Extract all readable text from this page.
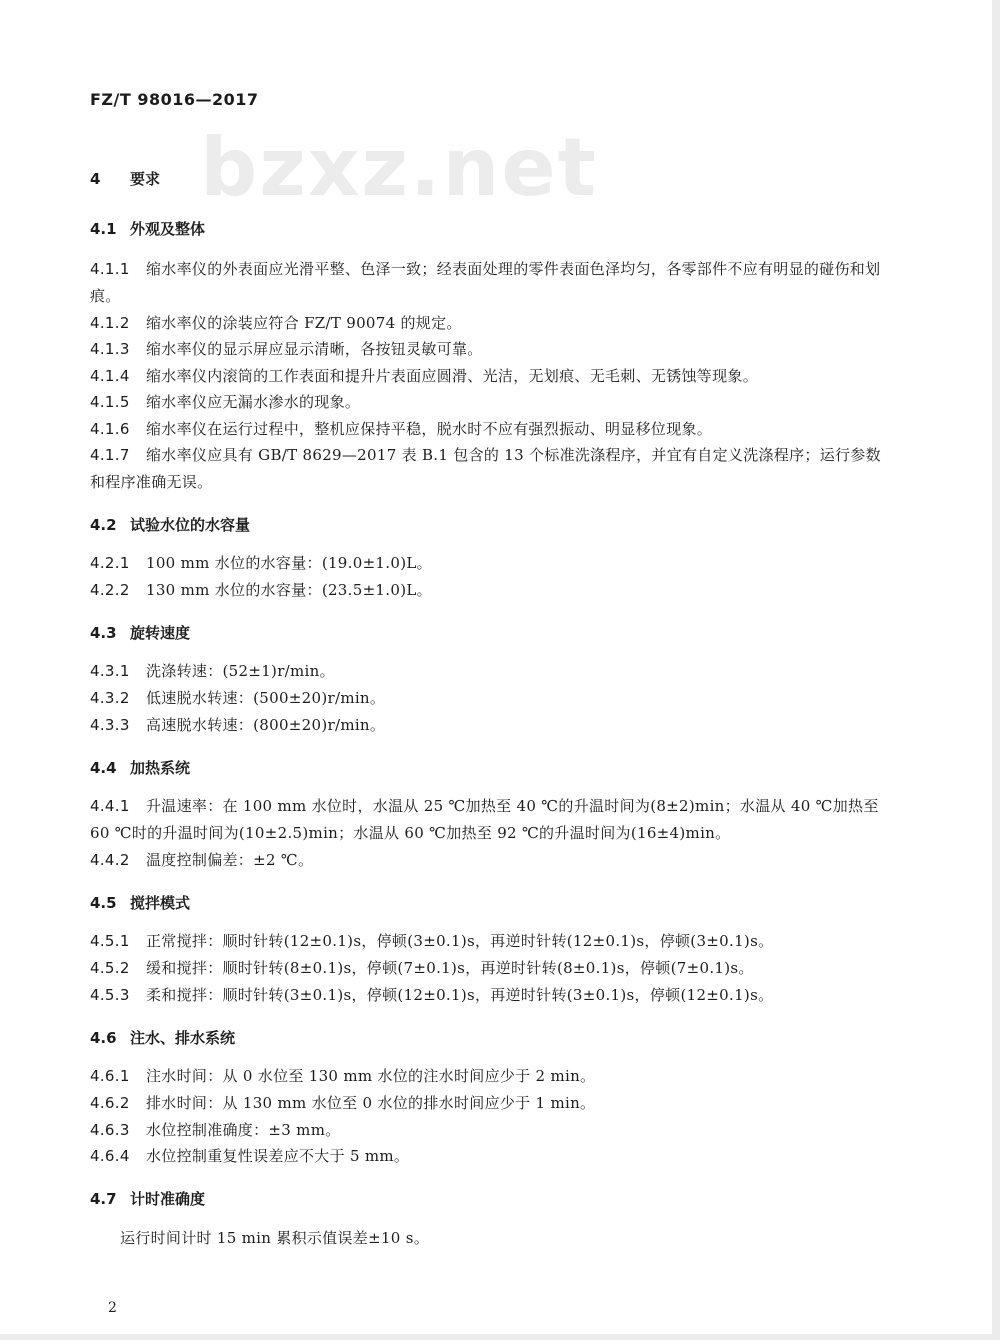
FZ/T 98016—2017
bzxz.net
4 要求
4.1 外观及整体
4.1.1 缩水率仪的外表面应光滑平整、色泽一致；经表面处理的零件表面色泽均匀，各零部件不应有明显的碰伤和划痕。
4.1.2 缩水率仪的涂装应符合 FZ/T 90074 的规定。
4.1.3 缩水率仪的显示屏应显示清晰，各按钮灵敏可靠。
4.1.4 缩水率仪内滚筒的工作表面和提升片表面应圆滑、光洁，无划痕、无毛刺、无锈蚀等现象。
4.1.5 缩水率仪应无漏水渗水的现象。
4.1.6 缩水率仪在运行过程中，整机应保持平稳，脱水时不应有强烈振动、明显移位现象。
4.1.7 缩水率仪应具有 GB/T 8629—2017 表 B.1 包含的 13 个标准洗涤程序，并宜有自定义洗涤程序；运行参数和程序准确无误。
4.2 试验水位的水容量
4.2.1 100 mm 水位的水容量：(19.0±1.0)L。
4.2.2 130 mm 水位的水容量：(23.5±1.0)L。
4.3 旋转速度
4.3.1 洗涤转速：(52±1)r/min。
4.3.2 低速脱水转速：(500±20)r/min。
4.3.3 高速脱水转速：(800±20)r/min。
4.4 加热系统
4.4.1 升温速率：在 100 mm 水位时，水温从 25 ℃加热至 40 ℃的升温时间为(8±2)min；水温从 40 ℃加热至 60 ℃时的升温时间为(10±2.5)min；水温从 60 ℃加热至 92 ℃的升温时间为(16±4)min。
4.4.2 温度控制偏差：±2 ℃。
4.5 搅拌模式
4.5.1 正常搅拌：顺时针转(12±0.1)s，停顿(3±0.1)s，再逆时针转(12±0.1)s，停顿(3±0.1)s。
4.5.2 缓和搅拌：顺时针转(8±0.1)s，停顿(7±0.1)s，再逆时针转(8±0.1)s，停顿(7±0.1)s。
4.5.3 柔和搅拌：顺时针转(3±0.1)s，停顿(12±0.1)s，再逆时针转(3±0.1)s，停顿(12±0.1)s。
4.6 注水、排水系统
4.6.1 注水时间：从 0 水位至 130 mm 水位的注水时间应少于 2 min。
4.6.2 排水时间：从 130 mm 水位至 0 水位的排水时间应少于 1 min。
4.6.3 水位控制准确度：±3 mm。
4.6.4 水位控制重复性误差应不大于 5 mm。
4.7 计时准确度
运行时间计时 15 min 累积示值误差±10 s。
2
